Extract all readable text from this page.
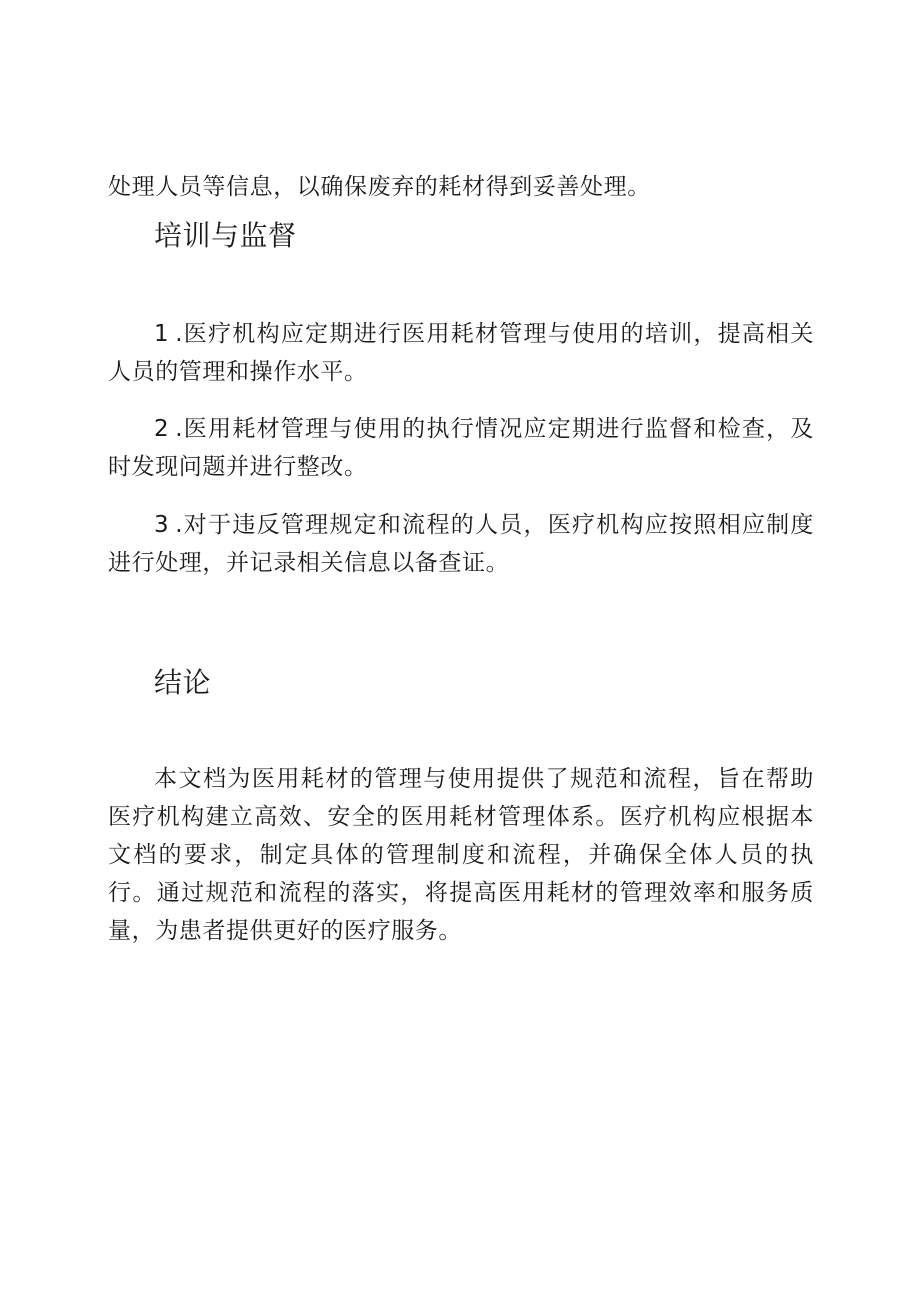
处理人员等信息，以确保废弃的耗材得到妥善处理。

培训与监督

1 .医疗机构应定期进行医用耗材管理与使用的培训，提高相关人员的管理和操作水平。

2 .医用耗材管理与使用的执行情况应定期进行监督和检查，及时发现问题并进行整改。

3 .对于违反管理规定和流程的人员，医疗机构应按照相应制度进行处理，并记录相关信息以备查证。

结论

本文档为医用耗材的管理与使用提供了规范和流程，旨在帮助医疗机构建立高效、安全的医用耗材管理体系。医疗机构应根据本文档的要求，制定具体的管理制度和流程，并确保全体人员的执行。通过规范和流程的落实，将提高医用耗材的管理效率和服务质量，为患者提供更好的医疗服务。
